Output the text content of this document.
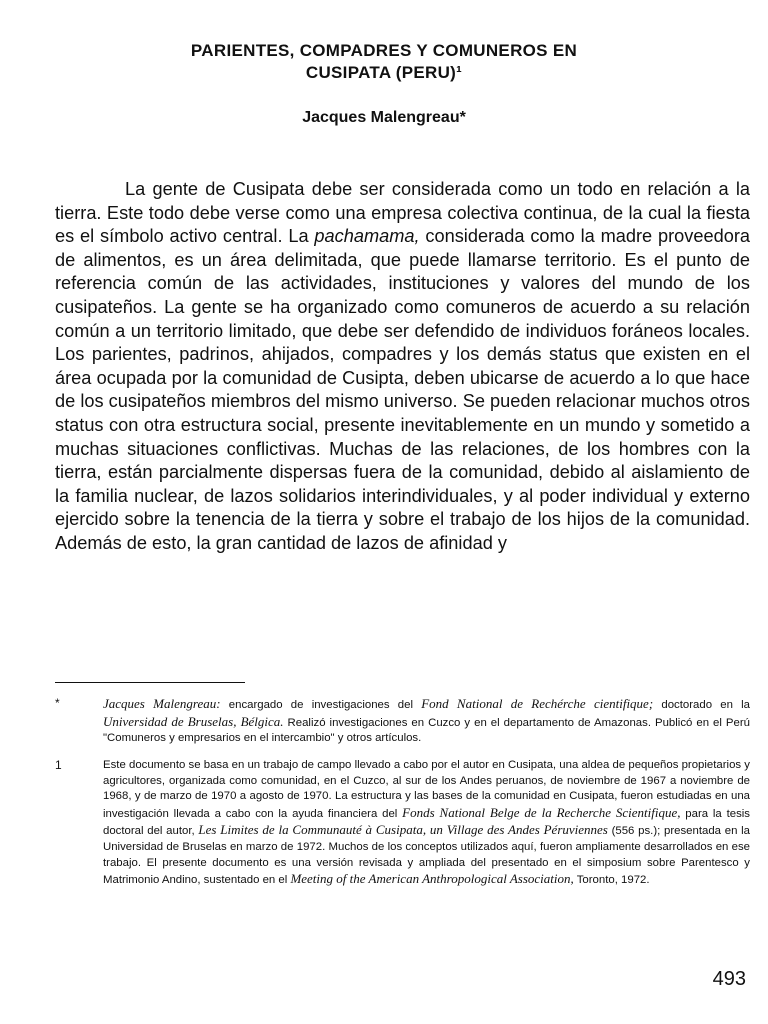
PARIENTES, COMPADRES Y COMUNEROS EN
CUSIPATA (PERU)¹
Jacques Malengreau*

La gente de Cusipata debe ser considerada como un todo en relación a la tierra. Este todo debe verse como una empresa colectiva continua, de la cual la fiesta es el símbolo activo central. La pachamama, considerada como la madre proveedora de alimentos, es un área delimitada, que puede llamarse territorio. Es el punto de referencia común de las actividades, instituciones y valores del mundo de los cusipateños. La gente se ha organizado como comuneros de acuerdo a su relación común a un territorio limitado, que debe ser defendido de individuos foráneos locales. Los parientes, padrinos, ahijados, compadres y los demás status que existen en el área ocupada por la comunidad de Cusipta, deben ubicarse de acuerdo a lo que hace de los cusipateños miembros del mismo universo. Se pueden relacionar muchos otros status con otra estructura social, presente inevitablemente en un mundo y sometido a muchas situaciones conflictivas. Muchas de las relaciones, de los hombres con la tierra, están parcialmente dispersas fuera de la comunidad, debido al aislamiento de la familia nuclear, de lazos solidarios interindividuales, y al poder individual y externo ejercido sobre la tenencia de la tierra y sobre el trabajo de los hijos de la comunidad. Además de esto, la gran cantidad de lazos de afinidad y

*	Jacques Malengreau: encargado de investigaciones del Fond National de Rechérche cientifique; doctorado en la Universidad de Bruselas, Bélgica. Realizó investigaciones en Cuzco y en el departamento de Amazonas. Publicó en el Perú "Comuneros y empresarios en el intercambio" y otros artículos.
1	Este documento se basa en un trabajo de campo llevado a cabo por el autor en Cusipata, una aldea de pequeños propietarios y agricultores, organizada como comunidad, en el Cuzco, al sur de los Andes peruanos, de noviembre de 1967 a noviembre de 1968, y de marzo de 1970 a agosto de 1970. La estructura y las bases de la comunidad en Cusipata, fueron estudiadas en una investigación llevada a cabo con la ayuda financiera del Fonds National Belge de la Recherche Scientifique, para la tesis doctoral del autor, Les Limites de la Communauté à Cusipata, un Village des Andes Péruviennes (556 ps.); presentada en la Universidad de Bruselas en marzo de 1972. Muchos de los conceptos utilizados aquí, fueron ampliamente desarrollados en ese trabajo. El presente documento es una versión revisada y ampliada del presentado en el simposium sobre Parentesco y Matrimonio Andino, sustentado en el Meeting of the American Anthropological Association, Toronto, 1972.
493
